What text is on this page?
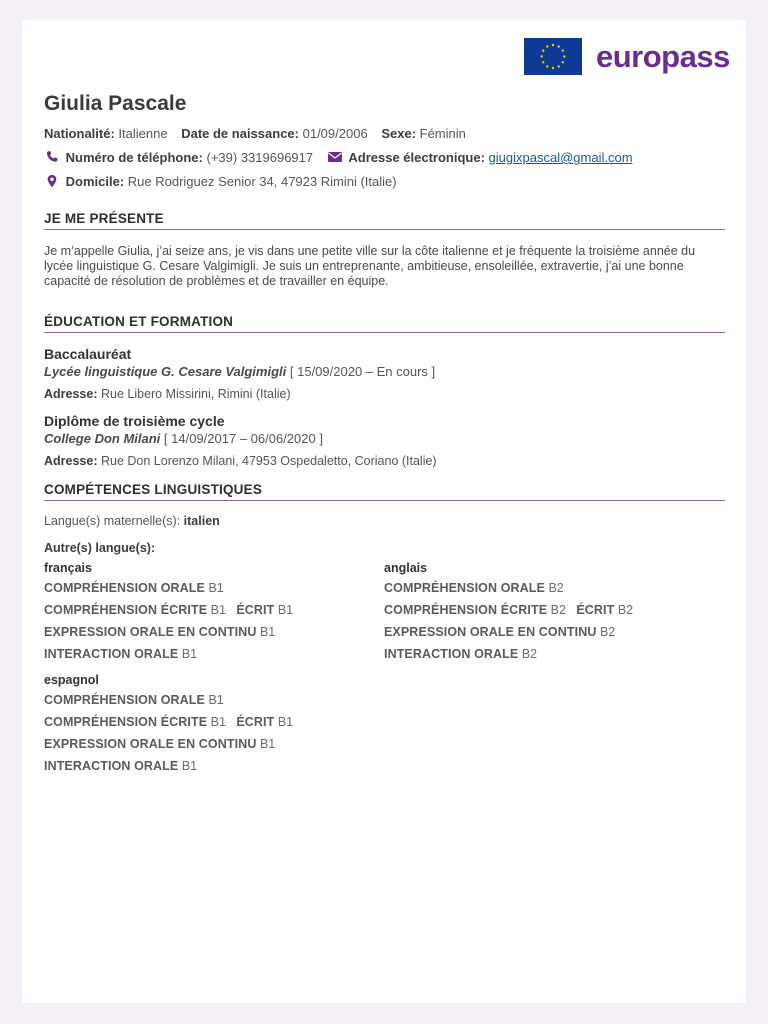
europass
Giulia Pascale
Nationalité: Italienne Date de naissance: 01/09/2006 Sexe: Féminin
Numéro de téléphone: (+39) 3319696917	Adresse électronique: giugixpascal@gmail.com
Domicile: Rue Rodriguez Senior 34, 47923 Rimini (Italie)
JE ME PRÉSENTE
Je m’appelle Giulia, j’ai seize ans, je vis dans une petite ville sur la côte italienne et je fréquente la troisième année du lycée linguistique G. Cesare Valgimigli. Je suis un entreprenante, ambitieuse, ensoleillée, extravertie, j’ai une bonne capacité de résolution de problèmes et de travailler en équipe.
ÉDUCATION ET FORMATION
Baccalauréat
Lycée linguistique G. Cesare Valgimigli [ 15/09/2020 – En cours ]
Adresse: Rue Libero Missirini, Rimini (Italie)
Diplôme de troisième cycle
College Don Milani [ 14/09/2017 – 06/06/2020 ]
Adresse: Rue Don Lorenzo Milani, 47953 Ospedaletto, Coriano (Italie)
COMPÉTENCES LINGUISTIQUES
Langue(s) maternelle(s): italien
Autre(s) langue(s):
français
COMPRÉHENSION ORALE B1
COMPRÉHENSION ÉCRITE B1 ÉCRIT B1
EXPRESSION ORALE EN CONTINU B1
INTERACTION ORALE B1
anglais
COMPRÉHENSION ORALE B2
COMPRÉHENSION ÉCRITE B2 ÉCRIT B2
EXPRESSION ORALE EN CONTINU B2
INTERACTION ORALE B2
espagnol
COMPRÉHENSION ORALE B1
COMPRÉHENSION ÉCRITE B1 ÉCRIT B1
EXPRESSION ORALE EN CONTINU B1
INTERACTION ORALE B1
